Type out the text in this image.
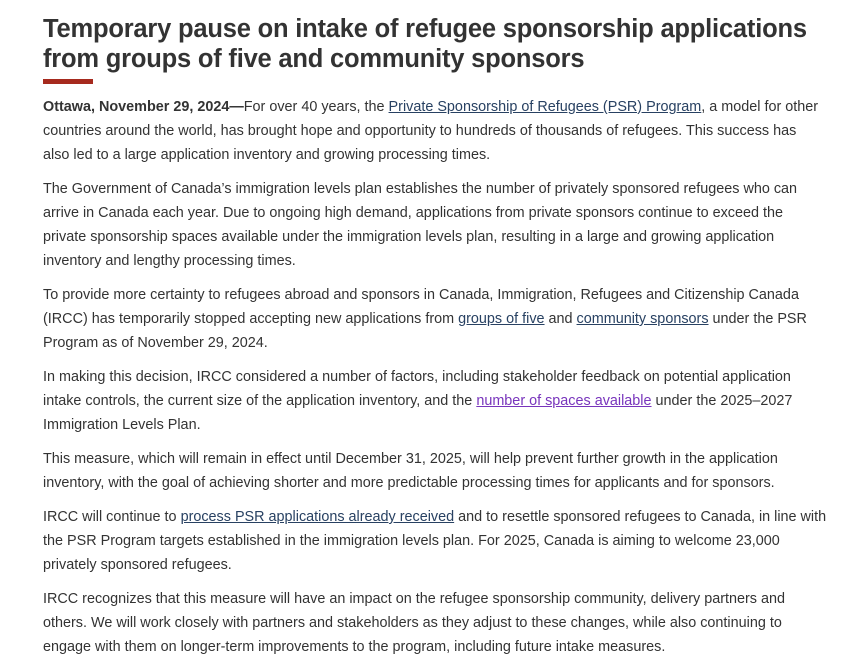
Temporary pause on intake of refugee sponsorship applications
from groups of five and community sponsors

Ottawa, November 29, 2024—For over 40 years, the Private Sponsorship of Refugees (PSR) Program, a model for other
countries around the world, has brought hope and opportunity to hundreds of thousands of refugees. This success has
also led to a large application inventory and growing processing times.

The Government of Canada’s immigration levels plan establishes the number of privately sponsored refugees who can
arrive in Canada each year. Due to ongoing high demand, applications from private sponsors continue to exceed the
private sponsorship spaces available under the immigration levels plan, resulting in a large and growing application
inventory and lengthy processing times.

To provide more certainty to refugees abroad and sponsors in Canada, Immigration, Refugees and Citizenship Canada
(IRCC) has temporarily stopped accepting new applications from groups of five and community sponsors under the PSR
Program as of November 29, 2024.

In making this decision, IRCC considered a number of factors, including stakeholder feedback on potential application
intake controls, the current size of the application inventory, and the number of spaces available under the 2025–2027
Immigration Levels Plan.

This measure, which will remain in effect until December 31, 2025, will help prevent further growth in the application
inventory, with the goal of achieving shorter and more predictable processing times for applicants and for sponsors.

IRCC will continue to process PSR applications already received and to resettle sponsored refugees to Canada, in line with
the PSR Program targets established in the immigration levels plan. For 2025, Canada is aiming to welcome 23,000
privately sponsored refugees.

IRCC recognizes that this measure will have an impact on the refugee sponsorship community, delivery partners and
others. We will work closely with partners and stakeholders as they adjust to these changes, while also continuing to
engage with them on longer-term improvements to the program, including future intake measures.
